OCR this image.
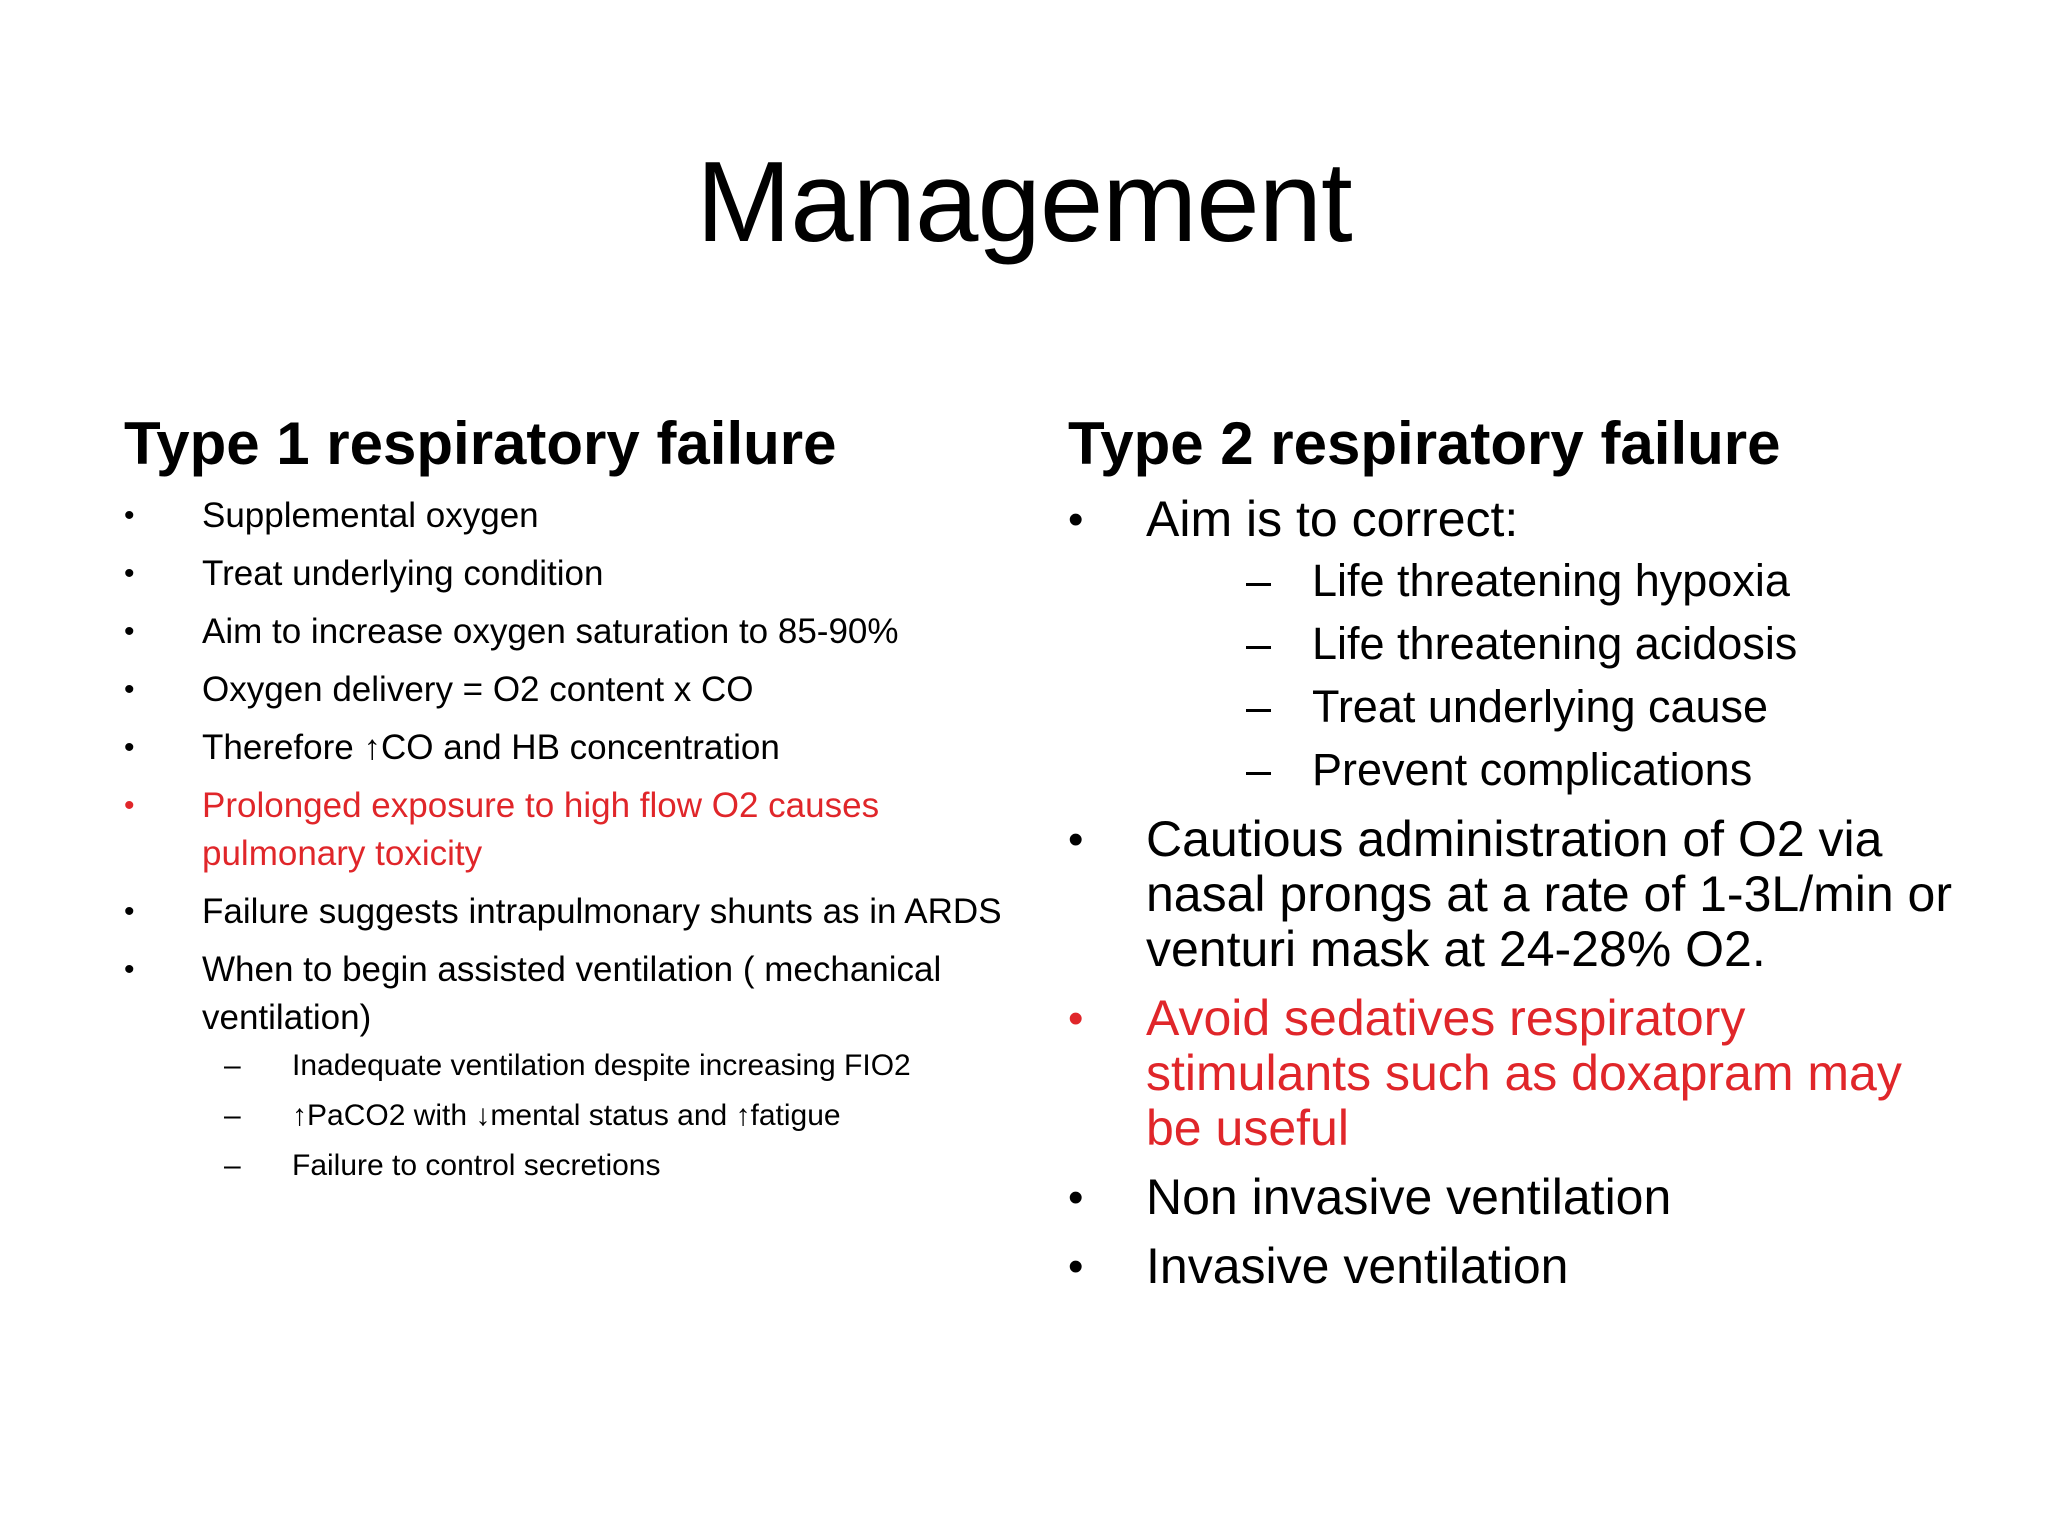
Management
Type 1 respiratory failure
• Supplemental oxygen
• Treat underlying condition
• Aim to increase oxygen saturation to 85-90%
• Oxygen delivery = O2 content x CO
• Therefore ↑CO and HB concentration
• Prolonged exposure to high flow O2 causes pulmonary toxicity
• Failure suggests intrapulmonary shunts as in ARDS
• When to begin assisted ventilation ( mechanical ventilation)
– Inadequate ventilation despite increasing FIO2
– ↑PaCO2 with ↓mental status and ↑fatigue
– Failure to control secretions
Type 2 respiratory failure
• Aim is to correct:
– Life threatening hypoxia
– Life threatening acidosis
– Treat underlying cause
– Prevent complications
• Cautious administration of O2 via nasal prongs at a rate of 1-3L/min or venturi mask at 24-28% O2.
• Avoid sedatives respiratory stimulants such as doxapram may be useful
• Non invasive ventilation
• Invasive ventilation
